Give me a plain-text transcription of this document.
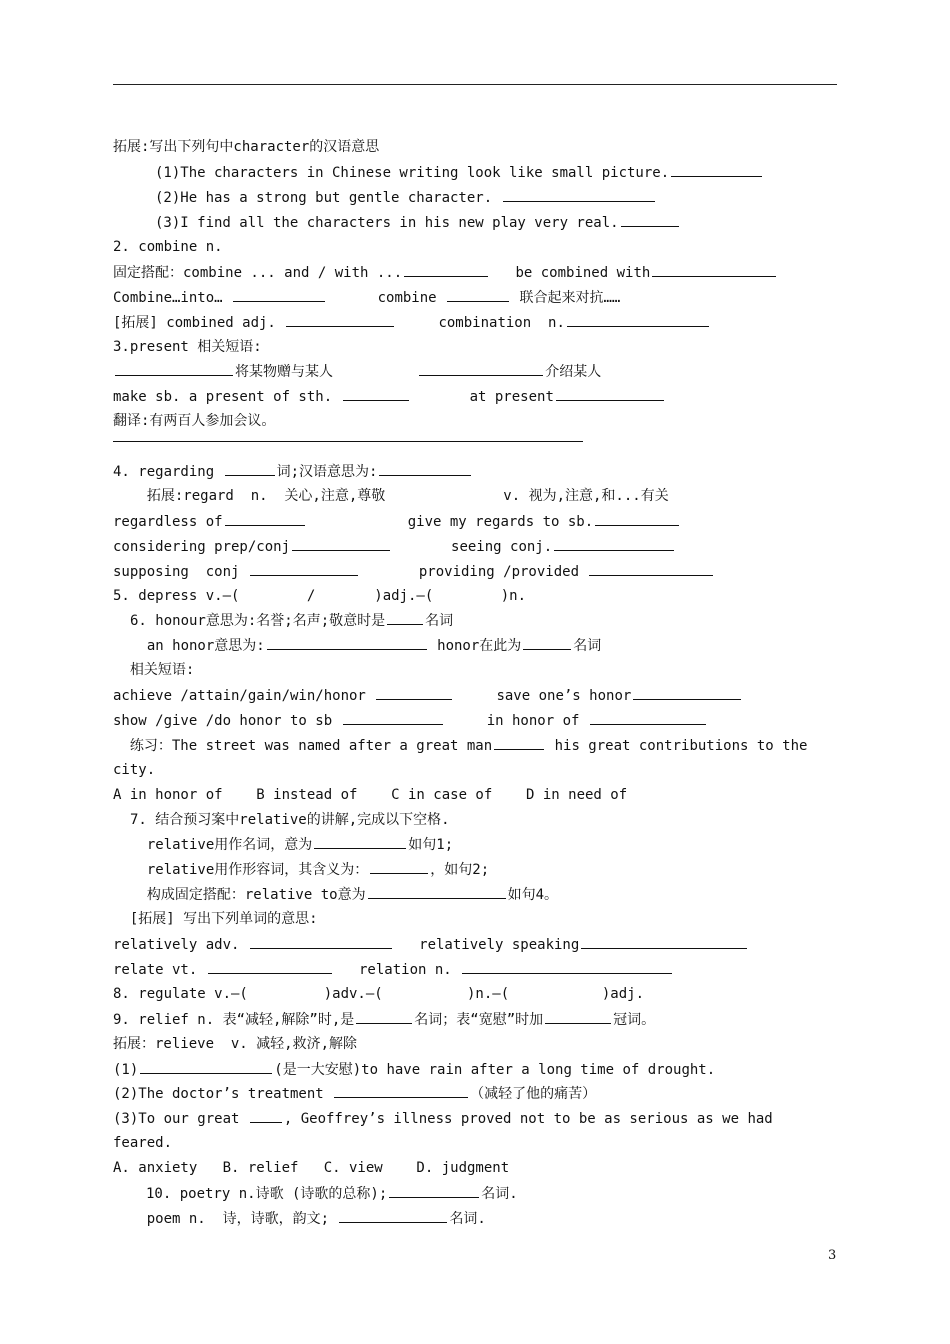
拓展:写出下列句中character的汉语意思
(1)The characters in Chinese writing look like small picture.
(2)He has a strong but gentle character.
(3)I find all the characters in his new play very real.
2. combine n.
固定搭配：combine ... and / with ...	be combined with
Combine…into…	combine	联合起来对抗……
[拓展] combined adj.	combination  n.
3.present 相关短语:
将某物赠与某人	介绍某人
make sb. a present of sth.	at present
翻译:有两百人参加会议。
4. regarding	词;汉语意思为:
拓展:regard  n.  关心,注意,尊敬              v. 视为,注意,和...有关
regardless of	give my regards to sb.
considering prep/conj	seeing conj.
supposing  conj	providing /provided
5. depress v.—(        /       )adj.—(        )n.
6. honour意思为:名誉;名声;敬意时是	名词
an honor意思为:	honor在此为	名词
相关短语:
achieve /attain/gain/win/honor	save one’s honor
show /give /do honor to sb	in honor of
练习：The street was named after a great man	his great contributions to the
city.
A in honor of    B instead of    C in case of    D in need of
7. 结合预习案中relative的讲解,完成以下空格.
relative用作名词，意为	如句1;
relative用作形容词，其含义为：	，如句2;
构成固定搭配：relative to意为	如句4。
[拓展] 写出下列单词的意思:
relatively adv.	relatively speaking
relate vt.	relation n.
8. regulate v.—(         )adv.—(          )n.—(           )adj.
9. relief n. 表“减轻,解除”时,是	名词；表“宽慰”时加	冠词。
拓展：relieve  v. 减轻,救济,解除
(1)	(是一大安慰)to have rain after a long time of drought.
(2)The doctor’s treatment	（减轻了他的痛苦）
(3)To our great	, Geoffrey’s illness proved not to be as serious as we had
feared.
A. anxiety   B. relief   C. view    D. judgment
10. poetry n.诗歌 (诗歌的总称);	名词.
poem n.  诗，诗歌，韵文;	名词.
3
